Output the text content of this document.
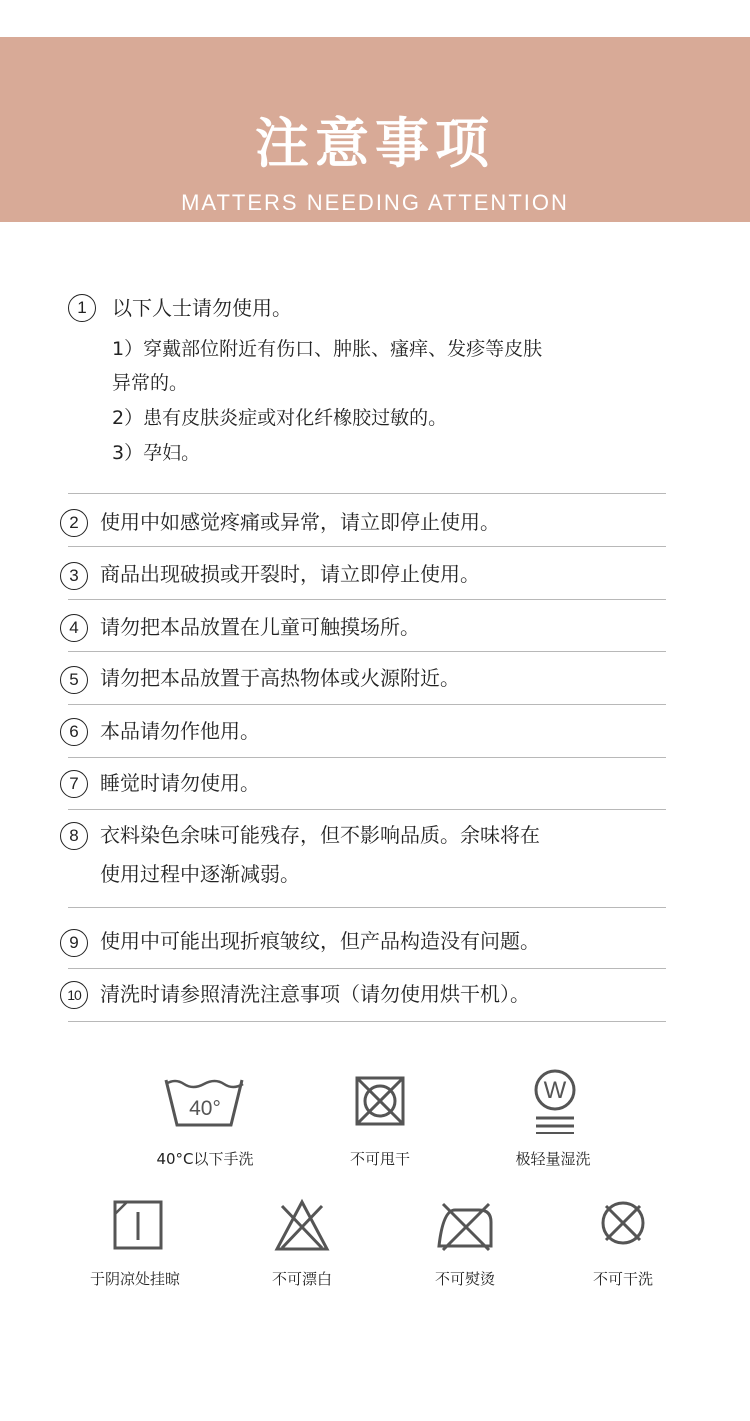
注意事项
MATTERS NEEDING ATTENTION
1	以下人士请勿使用。
1）穿戴部位附近有伤口、肿胀、瘙痒、发疹等皮肤
异常的。
2）患有皮肤炎症或对化纤橡胶过敏的。
3）孕妇。
2	使用中如感觉疼痛或异常，请立即停止使用。
3	商品出现破损或开裂时，请立即停止使用。
4	请勿把本品放置在儿童可触摸场所。
5	请勿把本品放置于高热物体或火源附近。
6	本品请勿作他用。
7	睡觉时请勿使用。
8	衣料染色余味可能残存，但不影响品质。余味将在
使用过程中逐渐减弱。
9	使用中可能出现折痕皱纹，但产品构造没有问题。
10 清洗时请参照清洗注意事项（请勿使用烘干机）。
40°
40°C以下手洗	不可甩干
W
极轻量湿洗
于阴凉处挂晾	不可漂白	不可熨烫	不可干洗
